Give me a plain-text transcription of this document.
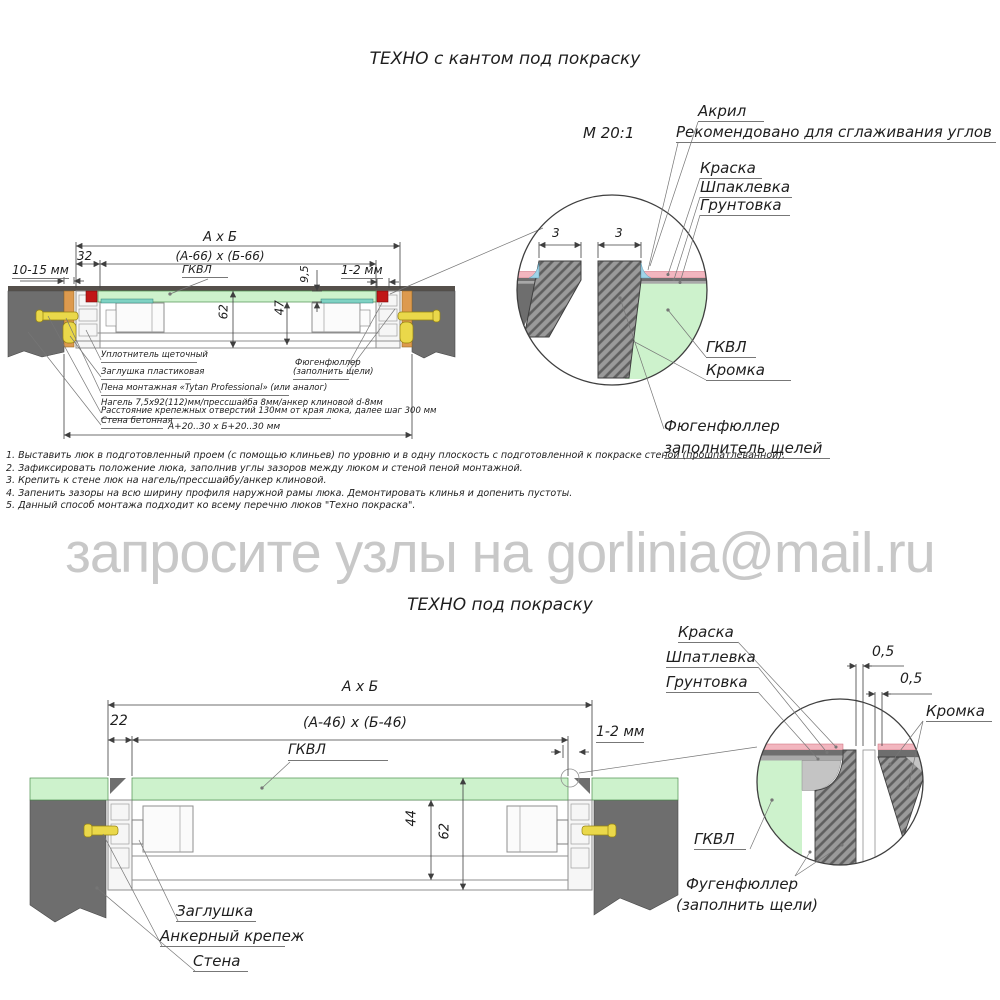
ТЕХНО с кантом под покраску
М 20:1
Акрил
Рекомендовано для сглаживания углов
Краска
Шпаклевка
Грунтовка
ГКВЛ
Кромка
Фюгенфюллер
заполнитель щелей
3	3
А х Б
32	(А-66) х (Б-66)
10-15 мм	ГКВЛ	9,5	1-2 мм
62	47
А+20..30 х Б+20..30 мм
Уплотнитель щеточный
Заглушка пластиковая
Пена монтажная «Tytan Professional» (или аналог)
Нагель 7,5х92(112)мм/прессшайба 8мм/анкер клиновой d-8мм
Расстояние крепежных отверстий 130мм от края люка, далее шаг 300 мм
Стена бетонная
Фюгенфюллер
(заполнить щели)
1. Выставить люк в подготовленный проем (с помощью клиньев) по уровню и в одну плоскость с подготовленной к покраске стеной (прошпатлеванной).
2. Зафиксировать положение люка, заполнив углы зазоров между люком и стеной пеной монтажной.
3. Крепить к стене люк на нагель/прессшайбу/анкер клиновой.
4. Запенить зазоры на всю ширину профиля наружной рамы люка. Демонтировать клинья и допенить пустоты.
5. Данный способ монтажа подходит ко всему перечню люков "Техно покраска".
запросите узлы на gorlinia@mail.ru
ТЕХНО под покраску
А х Б
22	(А-46) х (Б-46)
1-2 мм
ГКВЛ
44
62
Заглушка
Анкерный крепеж
Стена
Краска
Шпатлевка
Грунтовка
0,5
0,5
Кромка
ГКВЛ
Фугенфюллер
(заполнить щели)
